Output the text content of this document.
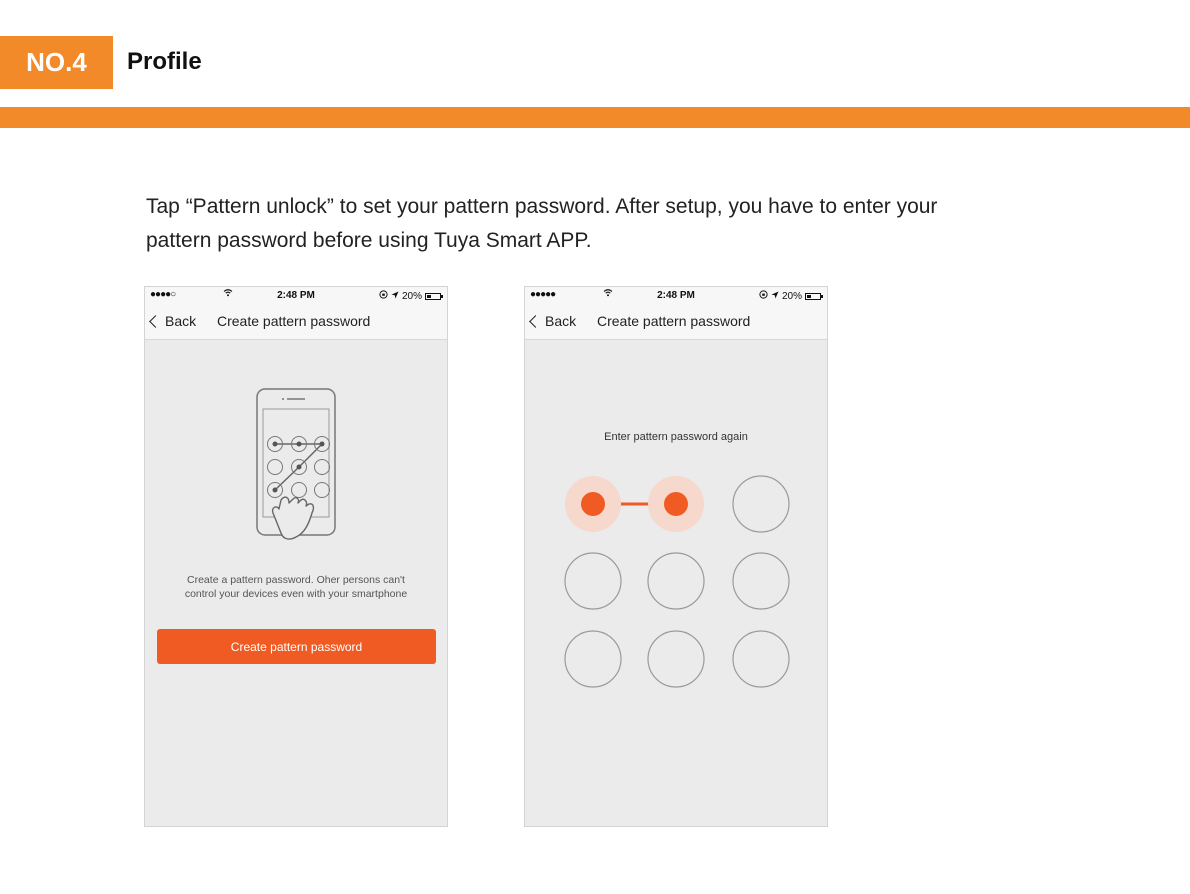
NO.4	Profile
Tap “Pattern unlock” to set your pattern password. After setup, you have to enter your
pattern password before using Tuya Smart APP.
●●●●○	2:48 PM	20%
Back Create pattern password
Create a pattern password. Oher persons can't
control your devices even with your smartphone
Create pattern password
●●●●●	2:48 PM	20%
Back Create pattern password
Enter pattern password again
